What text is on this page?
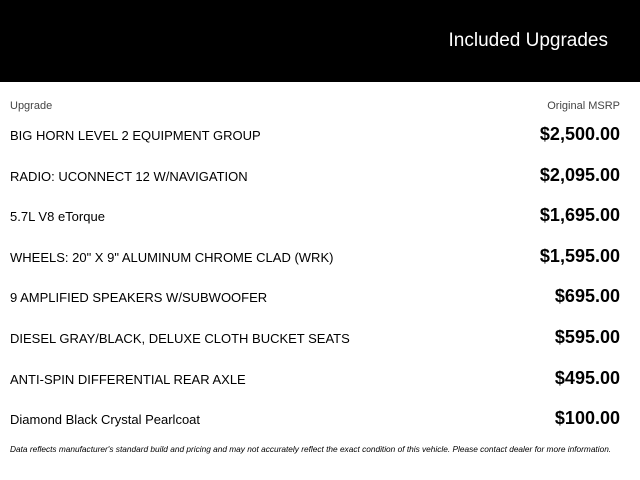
Included Upgrades
Upgrade	Original MSRP
BIG HORN LEVEL 2 EQUIPMENT GROUP	$2,500.00
RADIO: UCONNECT 12 W/NAVIGATION	$2,095.00
5.7L V8 eTorque	$1,695.00
WHEELS: 20" X 9" ALUMINUM CHROME CLAD (WRK)	$1,595.00
9 AMPLIFIED SPEAKERS W/SUBWOOFER	$695.00
DIESEL GRAY/BLACK, DELUXE CLOTH BUCKET SEATS	$595.00
ANTI-SPIN DIFFERENTIAL REAR AXLE	$495.00
Diamond Black Crystal Pearlcoat	$100.00
Data reflects manufacturer's standard build and pricing and may not accurately reflect the exact condition of this vehicle. Please contact dealer for more information.
